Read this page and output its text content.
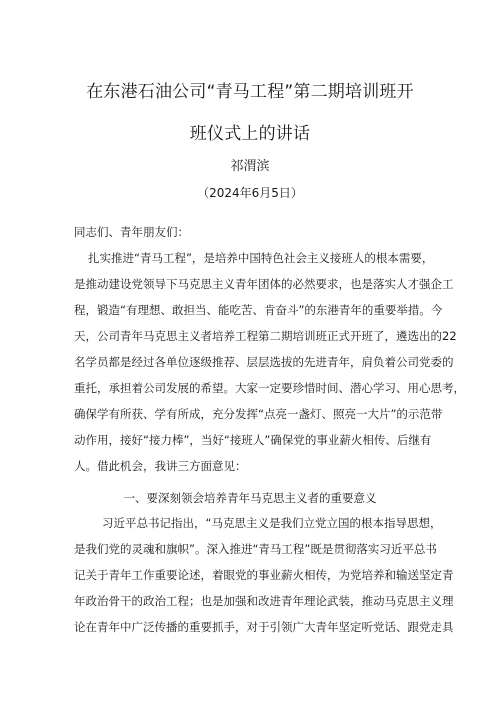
在东港石油公司“青马工程”第二期培训班开
班仪式上的讲话
祁渭滨
（2024年6月5日）
同志们、青年朋友们：
扎实推进“青马工程”，是培养中国特色社会主义接班人的根本需要，
是推动建设党领导下马克思主义青年团体的必然要求，也是落实人才强企工
程，锻造“有理想、敢担当、能吃苦、肯奋斗”的东港青年的重要举措。今
天，公司青年马克思主义者培养工程第二期培训班正式开班了，遴选出的22
名学员都是经过各单位逐级推荐、层层选拔的先进青年，肩负着公司党委的
重托，承担着公司发展的希望。大家一定要珍惜时间、潜心学习、用心思考，
确保学有所获、学有所成，充分发挥“点亮一盏灯、照亮一大片”的示范带
动作用，接好“接力棒”，当好“接班人”确保党的事业薪火相传、后继有
人。借此机会，我讲三方面意见：
一、要深刻领会培养青年马克思主义者的重要意义
习近平总书记指出，“马克思主义是我们立党立国的根本指导思想，
是我们党的灵魂和旗帜”。深入推进“青马工程”既是贯彻落实习近平总书
记关于青年工作重要论述，着眼党的事业薪火相传，为党培养和输送坚定青
年政治骨干的政治工程；也是加强和改进青年理论武装，推动马克思主义理
论在青年中广泛传播的重要抓手，对于引领广大青年坚定听党话、跟党走具
